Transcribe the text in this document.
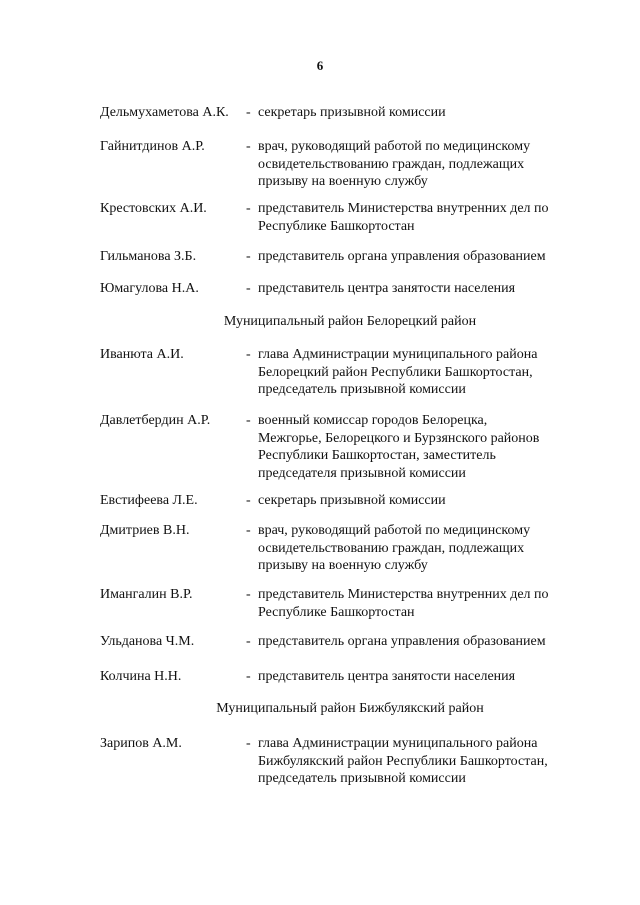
6
Дельмухаметова А.К. - секретарь призывной комиссии
Гайнитдинов А.Р.	- врач, руководящий работой по медицинскому
освидетельствованию граждан, подлежащих
призыву на военную службу
Крестовских А.И.	- представитель Министерства внутренних дел по
Республике Башкортостан
Гильманова З.Б.	- представитель органа управления образованием
Юмагулова Н.А.	- представитель центра занятости населения
Муниципальный район Белорецкий район
Иванюта А.И.	- глава Администрации муниципального района
Белорецкий район Республики Башкортостан,
председатель призывной комиссии
Давлетбердин А.Р.	- военный комиссар городов Белорецка,
Межгорье, Белорецкого и Бурзянского районов
Республики Башкортостан, заместитель
председателя призывной комиссии
Евстифеева Л.Е.	- секретарь призывной комиссии
Дмитриев В.Н.	- врач, руководящий работой по медицинскому
освидетельствованию граждан, подлежащих
призыву на военную службу
Имангалин В.Р.	- представитель Министерства внутренних дел по
Республике Башкортостан
Ульданова Ч.М.	- представитель органа управления образованием
Колчина Н.Н.	- представитель центра занятости населения
Муниципальный район Бижбулякский район
Зарипов А.М.	- глава Администрации муниципального района
Бижбулякский район Республики Башкортостан,
председатель призывной комиссии
